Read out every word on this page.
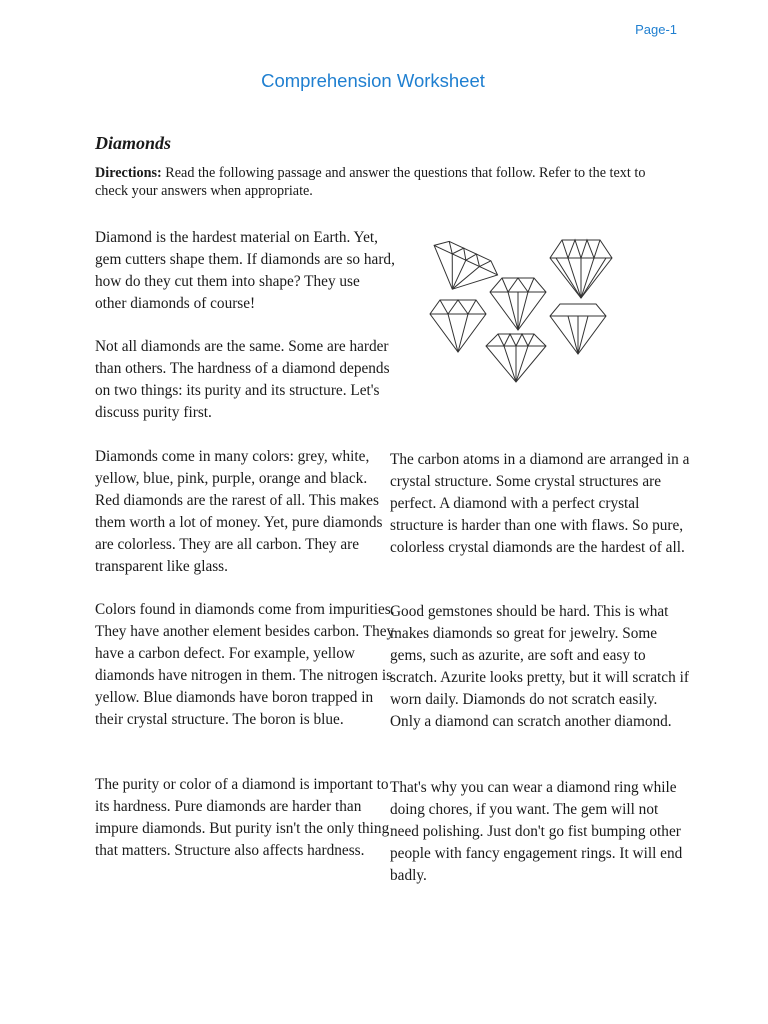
Page-1
Comprehension Worksheet
Diamonds
Directions: Read the following passage and answer the questions that follow. Refer to the text to check your answers when appropriate.

Diamond is the hardest material on Earth. Yet, gem cutters shape them. If diamonds are so hard, how do they cut them into shape? They use other diamonds of course!

Not all diamonds are the same. Some are harder than others. The hardness of a diamond depends on two things: its purity and its structure. Let's discuss purity first.

Diamonds come in many colors: grey, white, yellow, blue, pink, purple, orange and black. Red diamonds are the rarest of all. This makes them worth a lot of money. Yet, pure diamonds are colorless. They are all carbon. They are transparent like glass.

Colors found in diamonds come from impurities. They have another element besides carbon. They have a carbon defect. For example, yellow diamonds have nitrogen in them. The nitrogen is yellow. Blue diamonds have boron trapped in their crystal structure. The boron is blue.

The purity or color of a diamond is important to its hardness. Pure diamonds are harder than impure diamonds. But purity isn't the only thing that matters. Structure also affects hardness.

The carbon atoms in a diamond are arranged in a crystal structure. Some crystal structures are perfect. A diamond with a perfect crystal structure is harder than one with flaws. So pure, colorless crystal diamonds are the hardest of all.

Good gemstones should be hard. This is what makes diamonds so great for jewelry. Some gems, such as azurite, are soft and easy to scratch. Azurite looks pretty, but it will scratch if worn daily. Diamonds do not scratch easily. Only a diamond can scratch another diamond.

That's why you can wear a diamond ring while doing chores, if you want. The gem will not need polishing. Just don't go fist bumping other people with fancy engagement rings. It will end badly.
